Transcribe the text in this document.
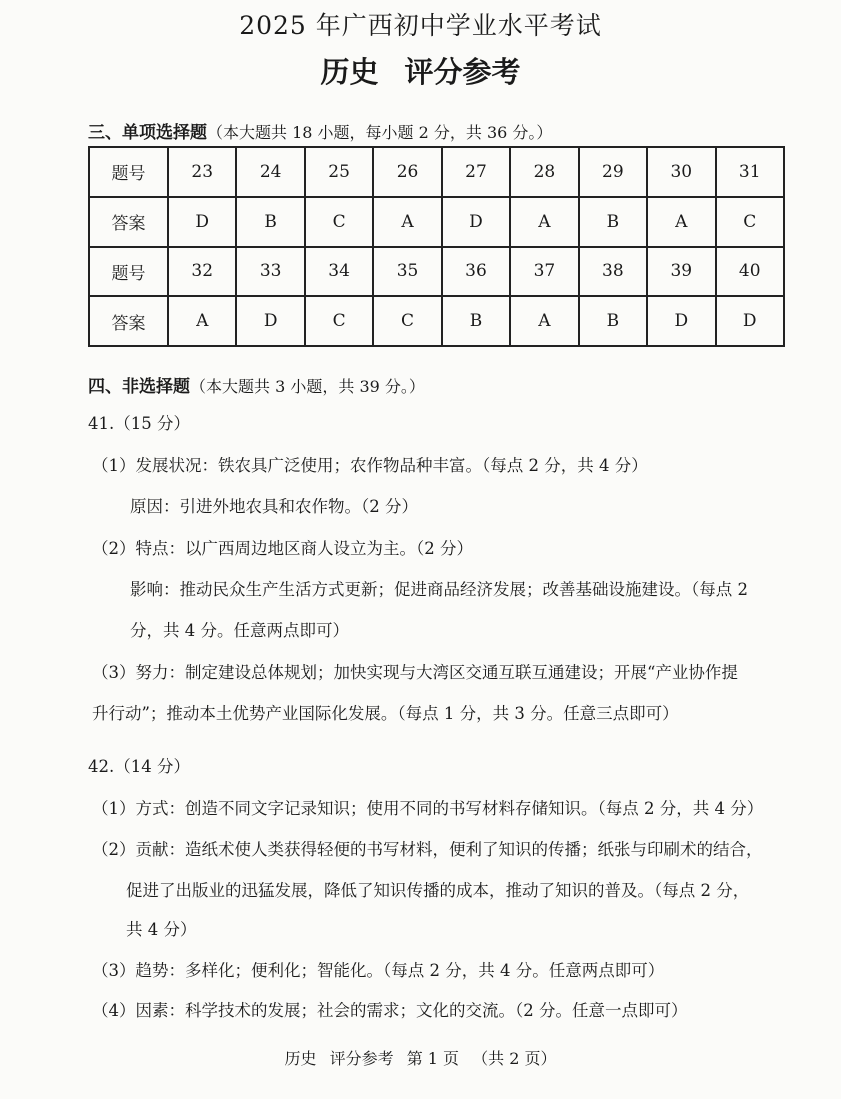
2025 年广西初中学业水平考试
历史 评分参考
三、单项选择题（本大题共 18 小题，每小题 2 分，共 36 分。）
题号	23	24	25	26	27	28	29	30	31
答案	D	B	C	A	D	A	B	A	C
题号	32	33	34	35	36	37	38	39	40
答案	A	D	C	C	B	A	B	D	D
四、非选择题（本大题共 3 小题，共 39 分。）
41.（15 分）
（1）发展状况：铁农具广泛使用；农作物品种丰富。（每点 2 分，共 4 分）
原因：引进外地农具和农作物。（2 分）
（2）特点：以广西周边地区商人设立为主。（2 分）
影响：推动民众生产生活方式更新；促进商品经济发展；改善基础设施建设。（每点 2
分，共 4 分。任意两点即可）
（3）努力：制定建设总体规划；加快实现与大湾区交通互联互通建设；开展“产业协作提
升行动”；推动本土优势产业国际化发展。（每点 1 分，共 3 分。任意三点即可）
42.（14 分）
（1）方式：创造不同文字记录知识；使用不同的书写材料存储知识。（每点 2 分，共 4 分）
（2）贡献：造纸术使人类获得轻便的书写材料，便利了知识的传播；纸张与印刷术的结合，
促进了出版业的迅猛发展，降低了知识传播的成本，推动了知识的普及。（每点 2 分，
共 4 分）
（3）趋势：多样化；便利化；智能化。（每点 2 分，共 4 分。任意两点即可）
（4）因素：科学技术的发展；社会的需求；文化的交流。（2 分。任意一点即可）
历史 评分参考 第 1 页 （共 2 页）
